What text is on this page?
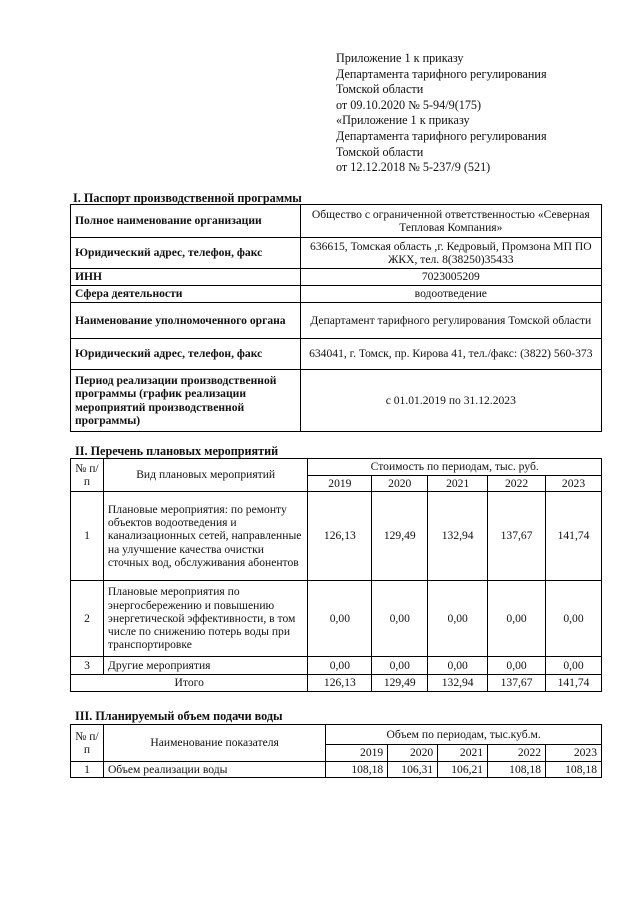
Приложение 1 к приказу
Департамента тарифного регулирования
Томской области
от 09.10.2020 № 5-94/9(175)
«Приложение 1 к приказу
Департамента тарифного регулирования
Томской области
от 12.12.2018 № 5-237/9 (521)
I. Паспорт производственной программы
Полное наименование организации	Общество с ограниченной ответственностью «Северная Тепловая Компания»
Юридический адрес, телефон, факс	636615, Томская область ,г. Кедровый, Промзона МП ПО ЖКХ, тел. 8(38250)35433
ИНН	7023005209
Сфера деятельности	водоотведение
Наименование уполномоченного органа	Департамент тарифного регулирования Томской области
Юридический адрес, телефон, факс	634041, г. Томск, пр. Кирова 41, тел./факс: (3822) 560-373
Период реализации производственной программы (график реализации мероприятий производственной программы)	с 01.01.2019 по 31.12.2023
II. Перечень плановых мероприятий
№ п/п	Вид плановых мероприятий	Стоимость по периодам, тыс. руб.				
		2019	2020	2021	2022	2023
1	Плановые мероприятия: по ремонту объектов водоотведения и канализационных сетей, направленные на улучшение качества очистки сточных вод, обслуживания абонентов	126,13	129,49	132,94	137,67	141,74
2	Плановые мероприятия по энергосбережению и повышению энергетической эффективности, в том числе по снижению потерь воды при транспортировке	0,00	0,00	0,00	0,00	0,00
3	Другие мероприятия	0,00	0,00	0,00	0,00	0,00
Итого		126,13	129,49	132,94	137,67	141,74
III. Планируемый объем подачи воды
№ п/п	Наименование показателя	Объем по периодам, тыс.куб.м.				
		2019	2020	2021	2022	2023
1	Объем реализации воды	108,18	106,31	106,21	108,18	108,18
